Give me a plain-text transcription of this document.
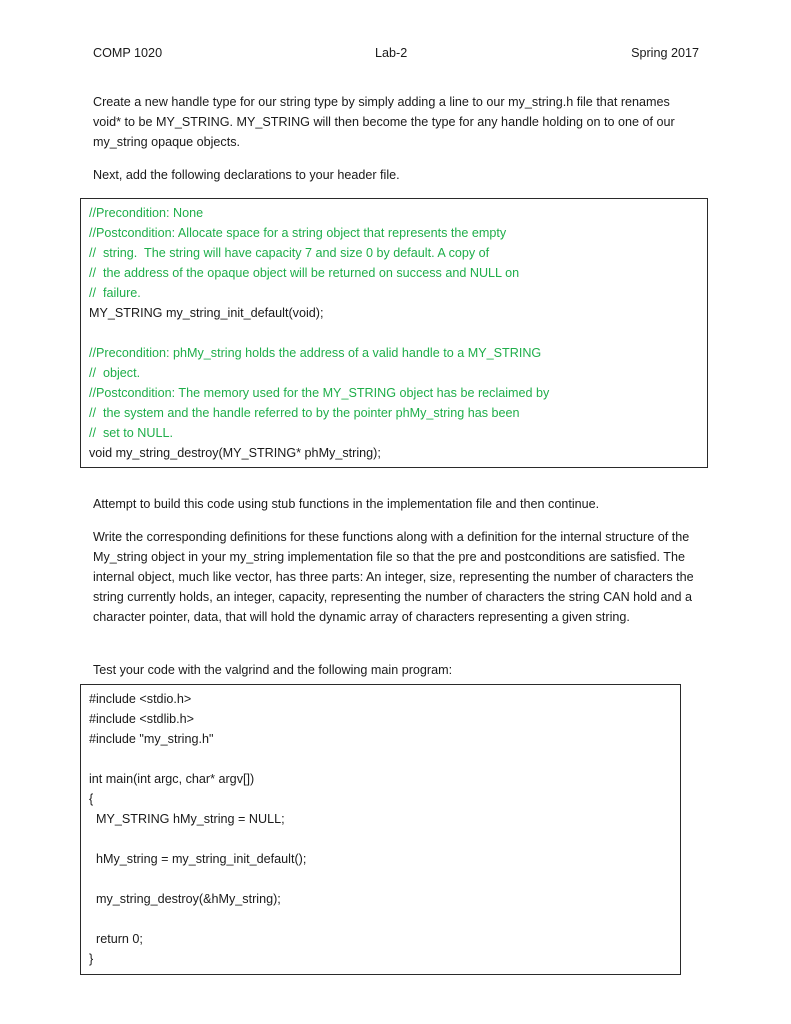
COMP 1020	Lab-2	Spring 2017

Create a new handle type for our string type by simply adding a line to our my_string.h file that renames void* to be MY_STRING. MY_STRING will then become the type for any handle holding on to one of our my_string opaque objects.

Next, add the following declarations to your header file.

//Precondition: None
//Postcondition: Allocate space for a string object that represents the empty
//  string.  The string will have capacity 7 and size 0 by default. A copy of
//  the address of the opaque object will be returned on success and NULL on
//  failure.
MY_STRING my_string_init_default(void);
//Precondition: phMy_string holds the address of a valid handle to a MY_STRING
//  object.
//Postcondition: The memory used for the MY_STRING object has be reclaimed by
//  the system and the handle referred to by the pointer phMy_string has been
//  set to NULL.
void my_string_destroy(MY_STRING* phMy_string);

Attempt to build this code using stub functions in the implementation file and then continue.

Write the corresponding definitions for these functions along with a definition for the internal structure of the My_string object in your my_string implementation file so that the pre and postconditions are satisfied. The internal object, much like vector, has three parts: An integer, size, representing the number of characters the string currently holds, an integer, capacity, representing the number of characters the string CAN hold and a character pointer, data, that will hold the dynamic array of characters representing a given string.

Test your code with the valgrind and the following main program:

#include <stdio.h>
#include <stdlib.h>
#include "my_string.h"
int main(int argc, char* argv[])
{
MY_STRING hMy_string = NULL;
hMy_string = my_string_init_default();
my_string_destroy(&hMy_string);
return 0;
}
